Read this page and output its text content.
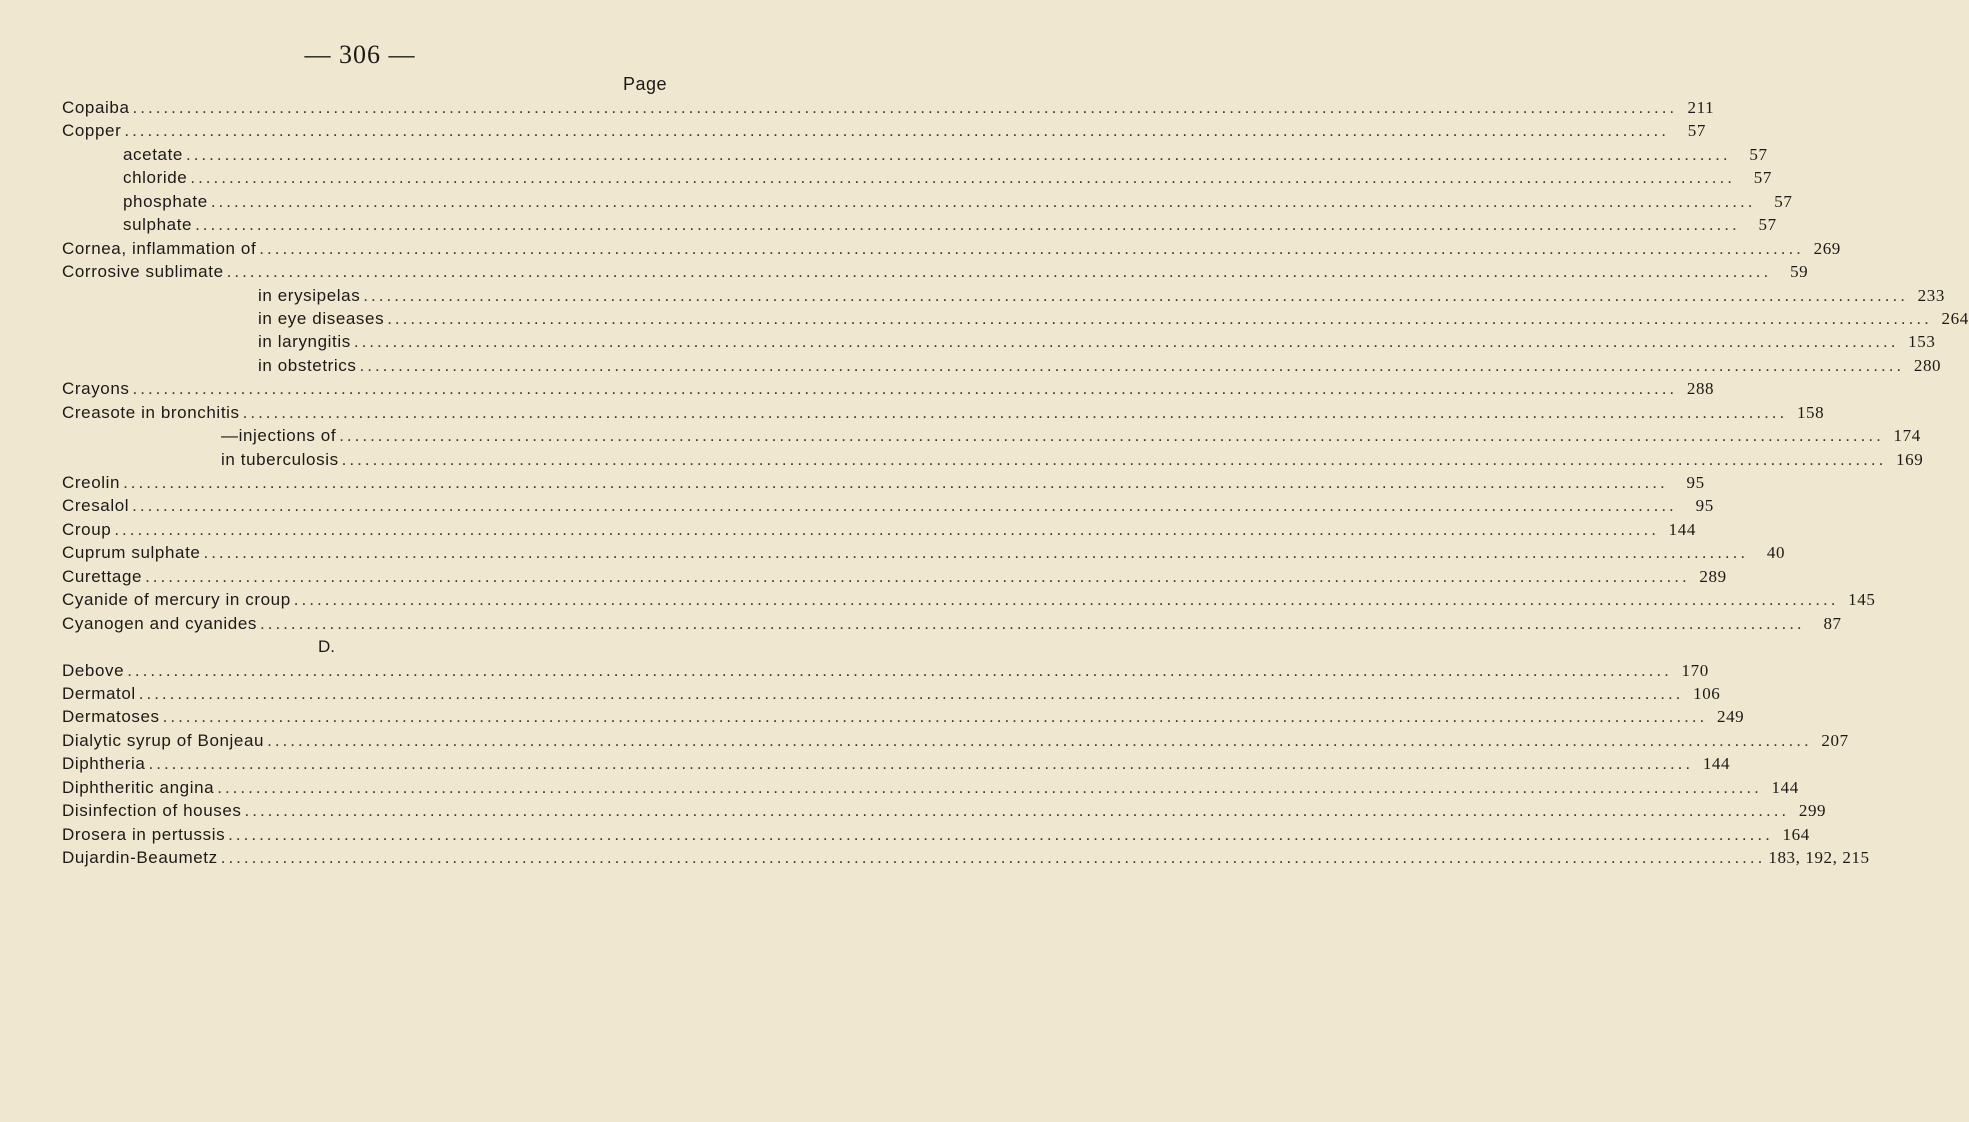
— 306 —
Page
Copaiba ........................................................................................................................................................................................................ 211
Copper ........................................................................................................................................................................................................	57
acetate ........................................................................................................................................................................................................	57
chloride ........................................................................................................................................................................................................	57
phosphate ........................................................................................................................................................................................................	57
sulphate ........................................................................................................................................................................................................	57
Cornea, inflammation of ........................................................................................................................................................................................................ 269
Corrosive sublimate ........................................................................................................................................................................................................	59
in erysipelas ........................................................................................................................................................................................................ 233
in eye diseases ........................................................................................................................................................................................................ 264
in laryngitis ........................................................................................................................................................................................................ 153
in obstetrics ........................................................................................................................................................................................................ 280
Crayons ........................................................................................................................................................................................................ 288
Creasote in bronchitis ........................................................................................................................................................................................................ 158
—injections of ........................................................................................................................................................................................................ 174
in tuberculosis ........................................................................................................................................................................................................ 169
Creolin ........................................................................................................................................................................................................	95
Cresalol ........................................................................................................................................................................................................	95
Croup ........................................................................................................................................................................................................ 144
Cuprum sulphate ........................................................................................................................................................................................................	40
Curettage ........................................................................................................................................................................................................ 289
Cyanide of mercury in croup ........................................................................................................................................................................................................ 145
Cyanogen and cyanides ........................................................................................................................................................................................................	87
D.
Debove ........................................................................................................................................................................................................ 170
Dermatol ........................................................................................................................................................................................................ 106
Dermatoses ........................................................................................................................................................................................................ 249
Dialytic syrup of Bonjeau ........................................................................................................................................................................................................ 207
Diphtheria ........................................................................................................................................................................................................ 144
Diphtheritic angina ........................................................................................................................................................................................................ 144
Disinfection of houses ........................................................................................................................................................................................................ 299
Drosera in pertussis ........................................................................................................................................................................................................ 164
Dujardin-Beaumetz ........................................................................................................................................................................................................ 183, 192, 215
